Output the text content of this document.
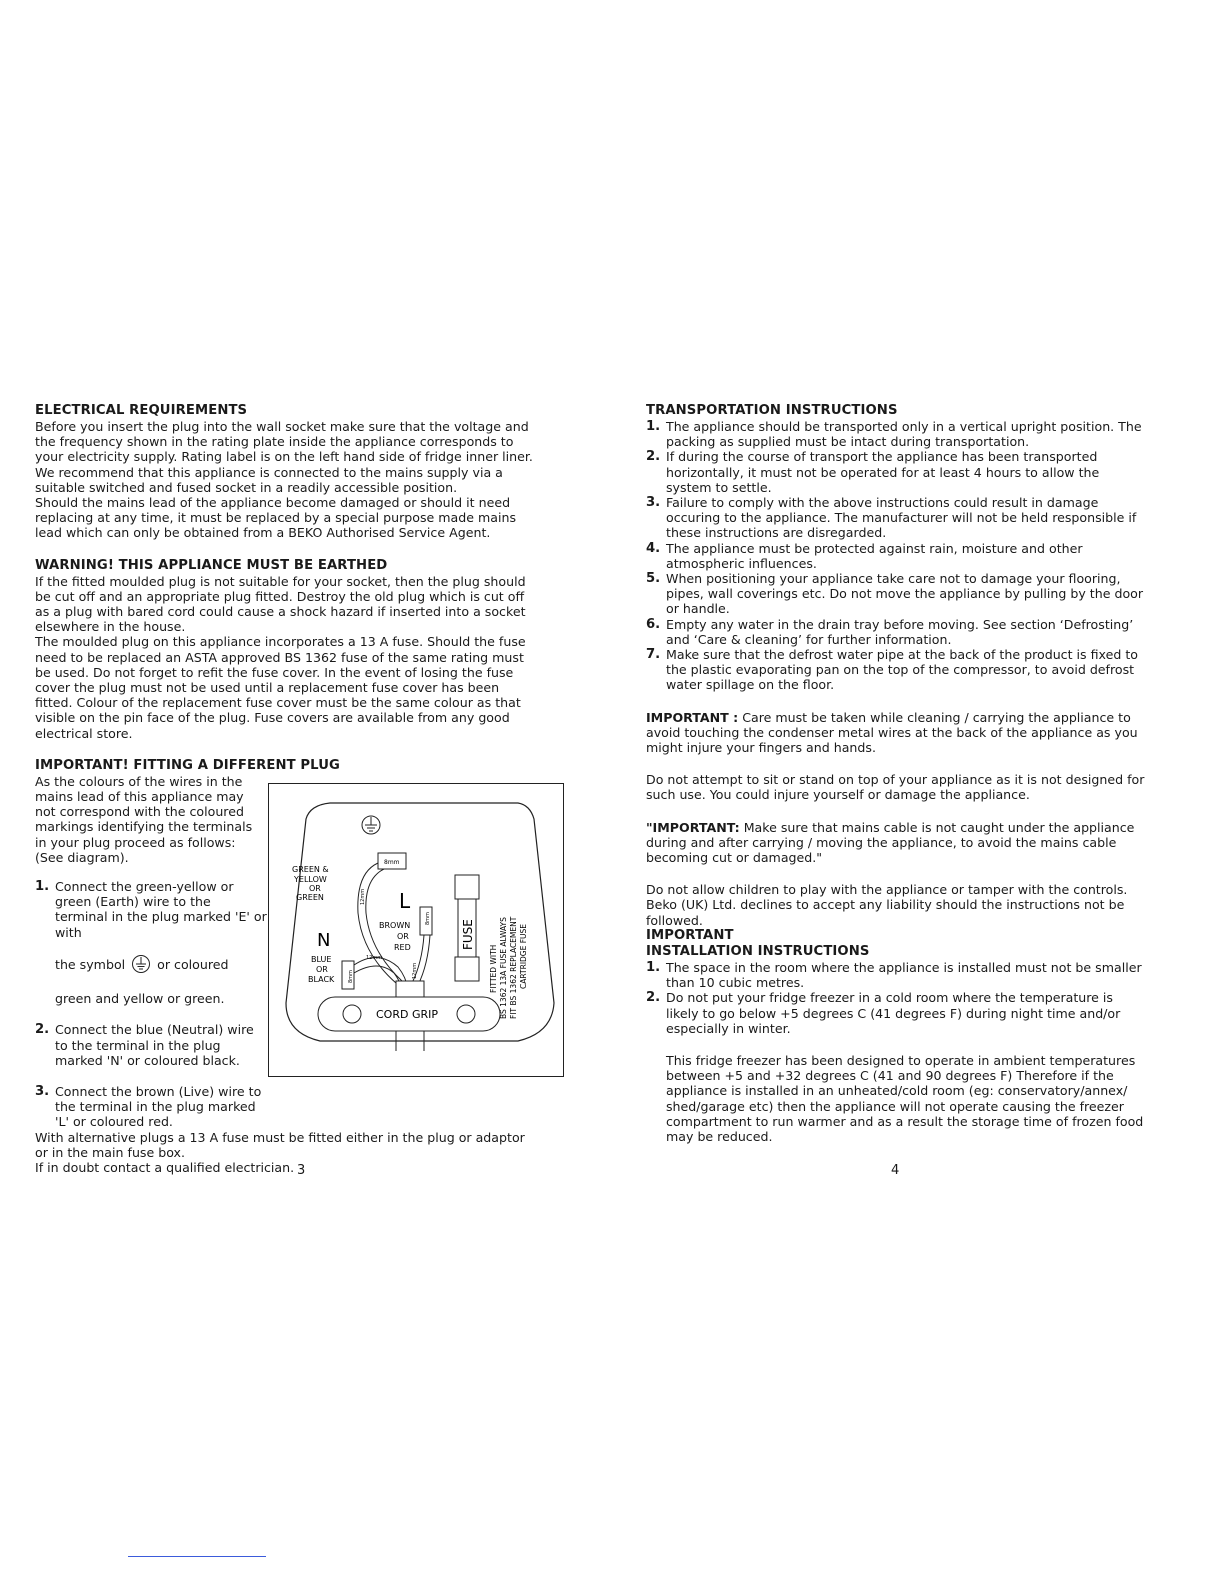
ELECTRICAL REQUIREMENTS

Before you insert the plug into the wall socket make sure that the voltage and the frequency shown in the rating plate inside the appliance corresponds to your electricity supply. Rating label is on the left hand side of fridge inner liner.

We recommend that this appliance is connected to the mains supply via a suitable switched and fused socket in a readily accessible position.

Should the mains lead of the appliance become damaged or should it need replacing at any time, it must be replaced by a special purpose made mains lead which can only be obtained from a BEKO Authorised Service Agent.

WARNING! THIS APPLIANCE MUST BE EARTHED

If the fitted moulded plug is not suitable for your socket, then the plug should be cut off and an appropriate plug fitted. Destroy the old plug which is cut off as a plug with bared cord could cause a shock hazard if inserted into a socket elsewhere in the house.

The moulded plug on this appliance incorporates a 13 A fuse. Should the fuse need to be replaced an ASTA approved BS 1362 fuse of the same rating must be used. Do not forget to refit the fuse cover. In the event of losing the fuse cover the plug must not be used until a replacement fuse cover has been fitted. Colour of the replacement fuse cover must be the same colour as that visible on the pin face of the plug. Fuse covers are available from any good electrical store.

IMPORTANT! FITTING A DIFFERENT PLUG

As the colours of the wires in the mains lead of this appliance may not correspond with the coloured markings identifying the terminals in your plug proceed as follows: (See diagram).

1. Connect the green-yellow or green (Earth) wire to the terminal in the plug marked 'E' or with
the symbol	or coloured
green and yellow or green.
2. Connect the blue (Neutral) wire to the terminal in the plug marked 'N' or coloured black.
3. Connect the brown (Live) wire to the terminal in the plug marked 'L' or coloured red.

With alternative plugs a 13 A fuse must be fitted either in the plug or adaptor or in the main fuse box.

If in doubt contact a qualified electrician. 3
8mm
GREEN &
YELLOW
OR
GREEN	L
N
BROWN
OR
RED
BLUE
OR
BLACK
FUSE
FITTED WITH BS 1362 13A FUSE ALWAYS FIT BS 1362 REPLACEMENT CARTRIDGE FUSE
CORD GRIP
12mm
8mm
8mm	12mm
12mm
TRANSPORTATION INSTRUCTIONS
1. The appliance should be transported only in a vertical upright position. The packing as supplied must be intact during transportation.
2. If during the course of transport the appliance has been transported horizontally, it must not be operated for at least 4 hours to allow the system to settle.
3. Failure to comply with the above instructions could result in damage occuring to the appliance. The manufacturer will not be held responsible if these instructions are disregarded.
4. The appliance must be protected against rain, moisture and other atmospheric influences.
5. When positioning your appliance take care not to damage your flooring, pipes, wall coverings etc. Do not move the appliance by pulling by the door or handle.
6. Empty any water in the drain tray before moving. See section ‘Defrosting’ and ‘Care & cleaning’ for further information.
7. Make sure that the defrost water pipe at the back of the product is fixed to the plastic evaporating pan on the top of the compressor, to avoid defrost water spillage on the floor.

IMPORTANT : Care must be taken while cleaning / carrying the appliance to avoid touching the condenser metal wires at the back of the appliance as you might injure your fingers and hands.

Do not attempt to sit or stand on top of your appliance as it is not designed for such use. You could injure yourself or damage the appliance.

"IMPORTANT: Make sure that mains cable is not caught under the appliance during and after carrying / moving the appliance, to avoid the mains cable becoming cut or damaged."

Do not allow children to play with the appliance or tamper with the controls. Beko (UK) Ltd. declines to accept any liability should the instructions not be followed.

IMPORTANT
INSTALLATION INSTRUCTIONS
1. The space in the room where the appliance is installed must not be smaller than 10 cubic metres.
2. Do not put your fridge freezer in a cold room where the temperature is likely to go below +5 degrees C (41 degrees F) during night time and/or especially in winter.

This fridge freezer has been designed to operate in ambient temperatures between +5 and +32 degrees C (41 and 90 degrees F) Therefore if the appliance is installed in an unheated/cold room (eg: conservatory/annex/ shed/garage etc) then the appliance will not operate causing the freezer compartment to run warmer and as a result the storage time of frozen food may be reduced.

4
